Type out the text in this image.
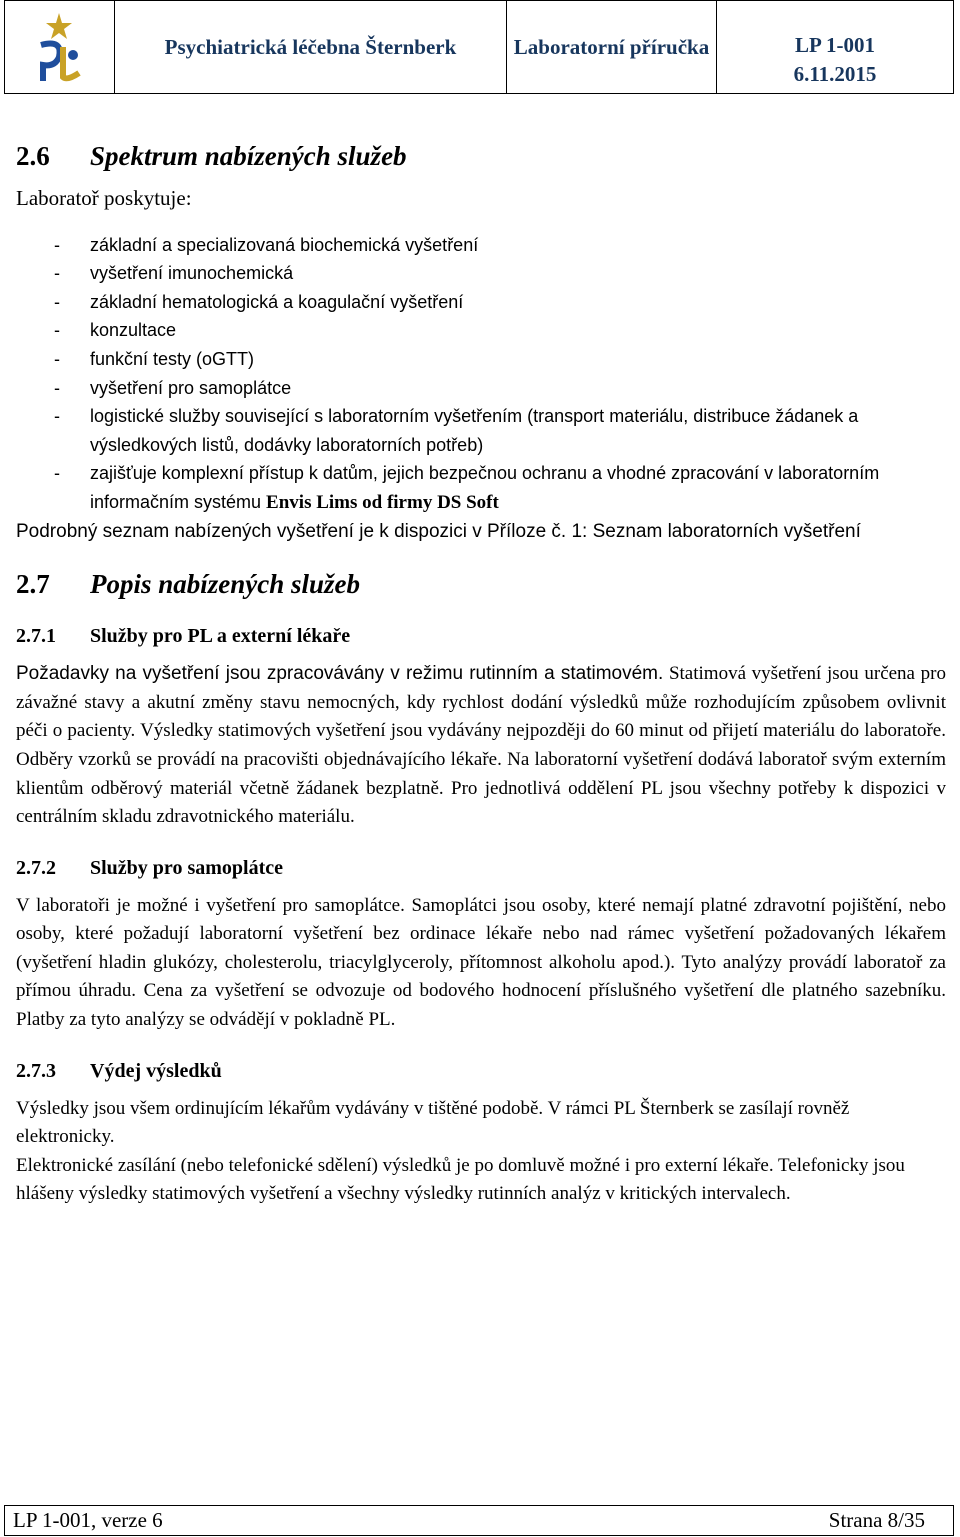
Psychiatrická léčebna Šternberk	Laboratorní příručka	LP 1-001
6.11.2015
2.6 Spektrum nabízených služeb

Laboratoř poskytuje:

- základní a specializovaná biochemická vyšetření
- vyšetření imunochemická
- základní hematologická a koagulační vyšetření
- konzultace
- funkční testy (oGTT)
- vyšetření pro samoplátce
- logistické služby související s laboratorním vyšetřením (transport materiálu, distribuce žádanek a výsledkových listů, dodávky laboratorních potřeb)
- zajišťuje komplexní přístup k datům, jejich bezpečnou ochranu a vhodné zpracování v laboratorním informačním systému Envis Lims od firmy DS Soft

Podrobný seznam nabízených vyšetření je k dispozici v Příloze č. 1: Seznam laboratorních vyšetření

2.7 Popis nabízených služeb
2.7.1 Služby pro PL a externí lékaře

Požadavky na vyšetření jsou zpracovávány v režimu rutinním a statimovém. Statimová vyšetření jsou určena pro závažné stavy a akutní změny stavu nemocných, kdy rychlost dodání výsledků může rozhodujícím způsobem ovlivnit péči o pacienty. Výsledky statimových vyšetření jsou vydávány nejpozději do 60 minut od přijetí materiálu do laboratoře. Odběry vzorků se provádí na pracovišti objednávajícího lékaře. Na laboratorní vyšetření dodává laboratoř svým externím klientům odběrový materiál včetně žádanek bezplatně. Pro jednotlivá oddělení PL jsou všechny potřeby k dispozici v centrálním skladu zdravotnického materiálu.

2.7.2 Služby pro samoplátce

V laboratoři je možné i vyšetření pro samoplátce. Samoplátci jsou osoby, které nemají platné zdravotní pojištění, nebo osoby, které požadují laboratorní vyšetření bez ordinace lékaře nebo nad rámec vyšetření požadovaných lékařem (vyšetření hladin glukózy, cholesterolu, triacylglyceroly, přítomnost alkoholu apod.). Tyto analýzy provádí laboratoř za přímou úhradu. Cena za vyšetření se odvozuje od bodového hodnocení příslušného vyšetření dle platného sazebníku. Platby za tyto analýzy se odvádějí v pokladně PL.

2.7.3 Výdej výsledků

Výsledky jsou všem ordinujícím lékařům vydávány v tištěné podobě. V rámci PL Šternberk se zasílají rovněž elektronicky.

Elektronické zasílání (nebo telefonické sdělení) výsledků je po domluvě možné i pro externí lékaře. Telefonicky jsou hlášeny výsledky statimových vyšetření a všechny výsledky rutinních analýz v kritických intervalech.

LP 1-001, verze 6	Strana 8/35
